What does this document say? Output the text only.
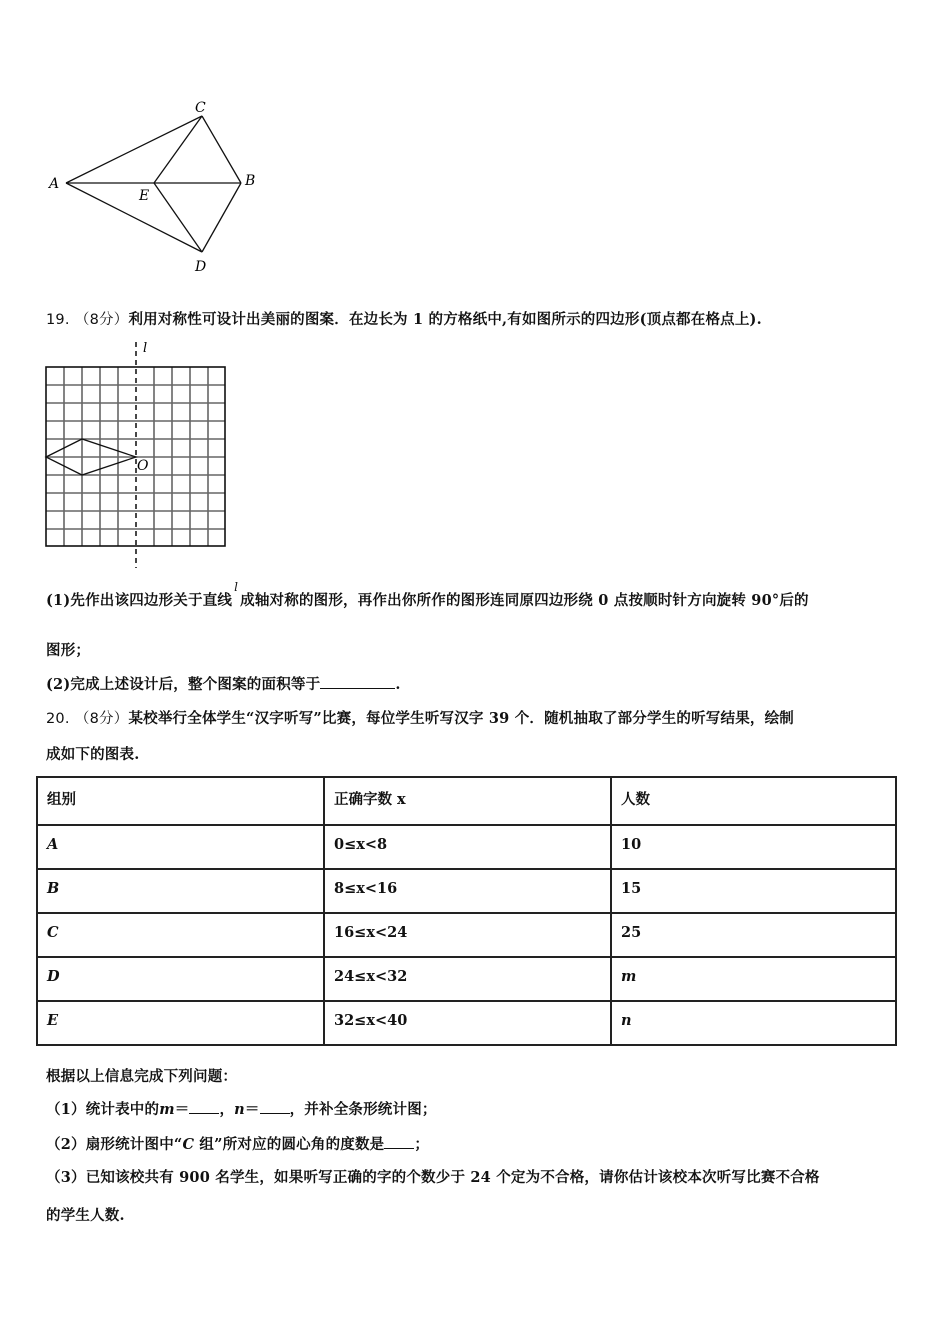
A
C
B
E
D
19. （8分）利用对称性可设计出美丽的图案．在边长为 1 的方格纸中,有如图所示的四边形(顶点都在格点上).
l
O
(1)先作出该四边形关于直线$^l$成轴对称的图形，再作出你所作的图形连同原四边形绕 0 点按顺时针方向旋转 90°后的
图形；
(2)完成上述设计后，整个图案的面积等于	.
20. （8分）某校举行全体学生“汉字听写”比赛，每位学生听写汉字 39 个．随机抽取了部分学生的听写结果，绘制
成如下的图表.
组别	正确字数 x	人数
A	0≤x<8	10
B	8≤x<16	15
C	16≤x<24	25
D	24≤x<32	m
E	32≤x<40	n
根据以上信息完成下列问题：
（1）统计表中的m＝ ，n＝ ，并补全条形统计图；
（2）扇形统计图中“C 组”所对应的圆心角的度数是 ；
（3）已知该校共有 900 名学生，如果听写正确的字的个数少于 24 个定为不合格，请你估计该校本次听写比赛不合格
的学生人数.
